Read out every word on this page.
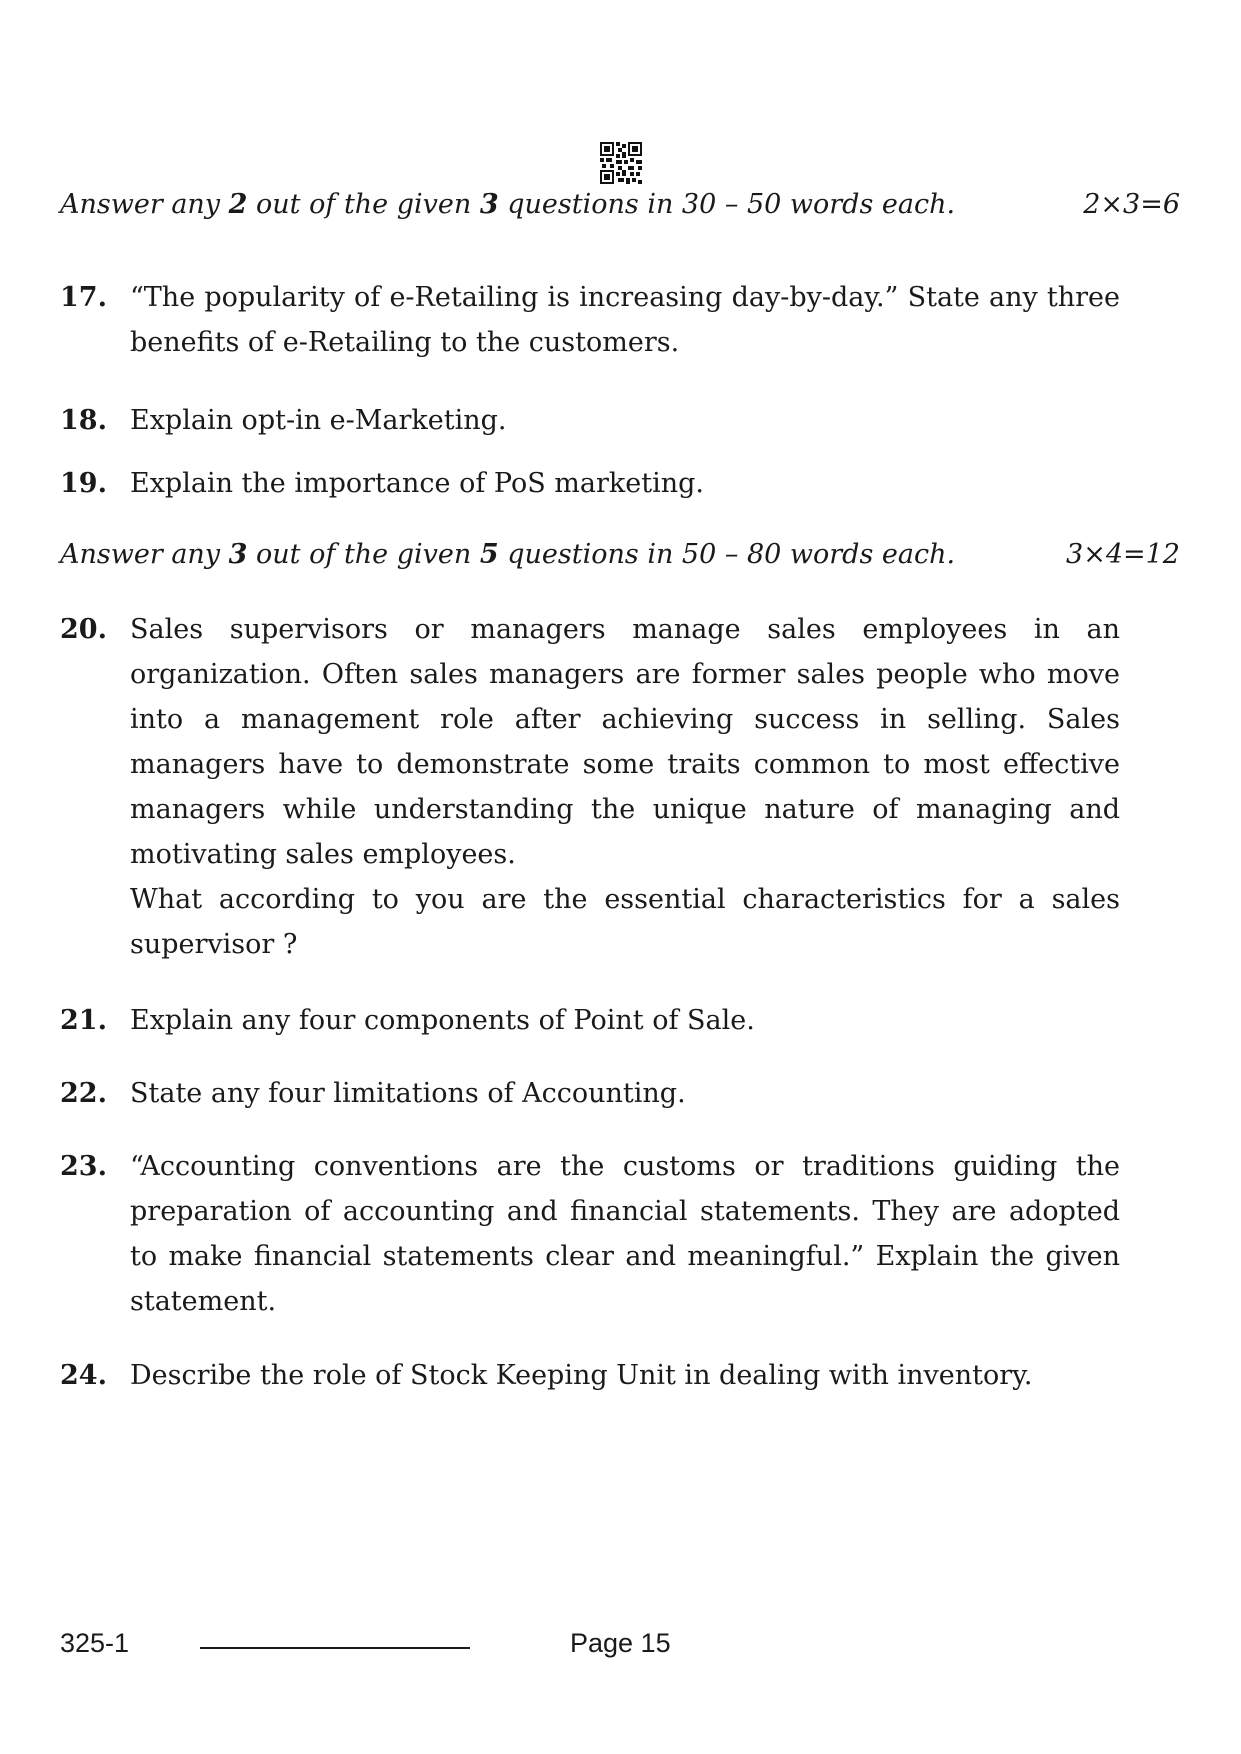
Answer any 2 out of the given 3 questions in 30 – 50 words each.	2×3=6
17. “The popularity of e-Retailing is increasing day-by-day.” State any three benefits of e-Retailing to the customers.
18. Explain opt-in e-Marketing.
19. Explain the importance of PoS marketing.
Answer any 3 out of the given 5 questions in 50 – 80 words each.	3×4=12
20. Sales supervisors or managers manage sales employees in an organization. Often sales managers are former sales people who move into a management role after achieving success in selling. Sales managers have to demonstrate some traits common to most effective managers while understanding the unique nature of managing and motivating sales employees.
What according to you are the essential characteristics for a sales supervisor ?
21. Explain any four components of Point of Sale.
22. State any four limitations of Accounting.
23. “Accounting conventions are the customs or traditions guiding the preparation of accounting and financial statements. They are adopted to make financial statements clear and meaningful.” Explain the given statement.
24. Describe the role of Stock Keeping Unit in dealing with inventory.
325-1	Page 15
